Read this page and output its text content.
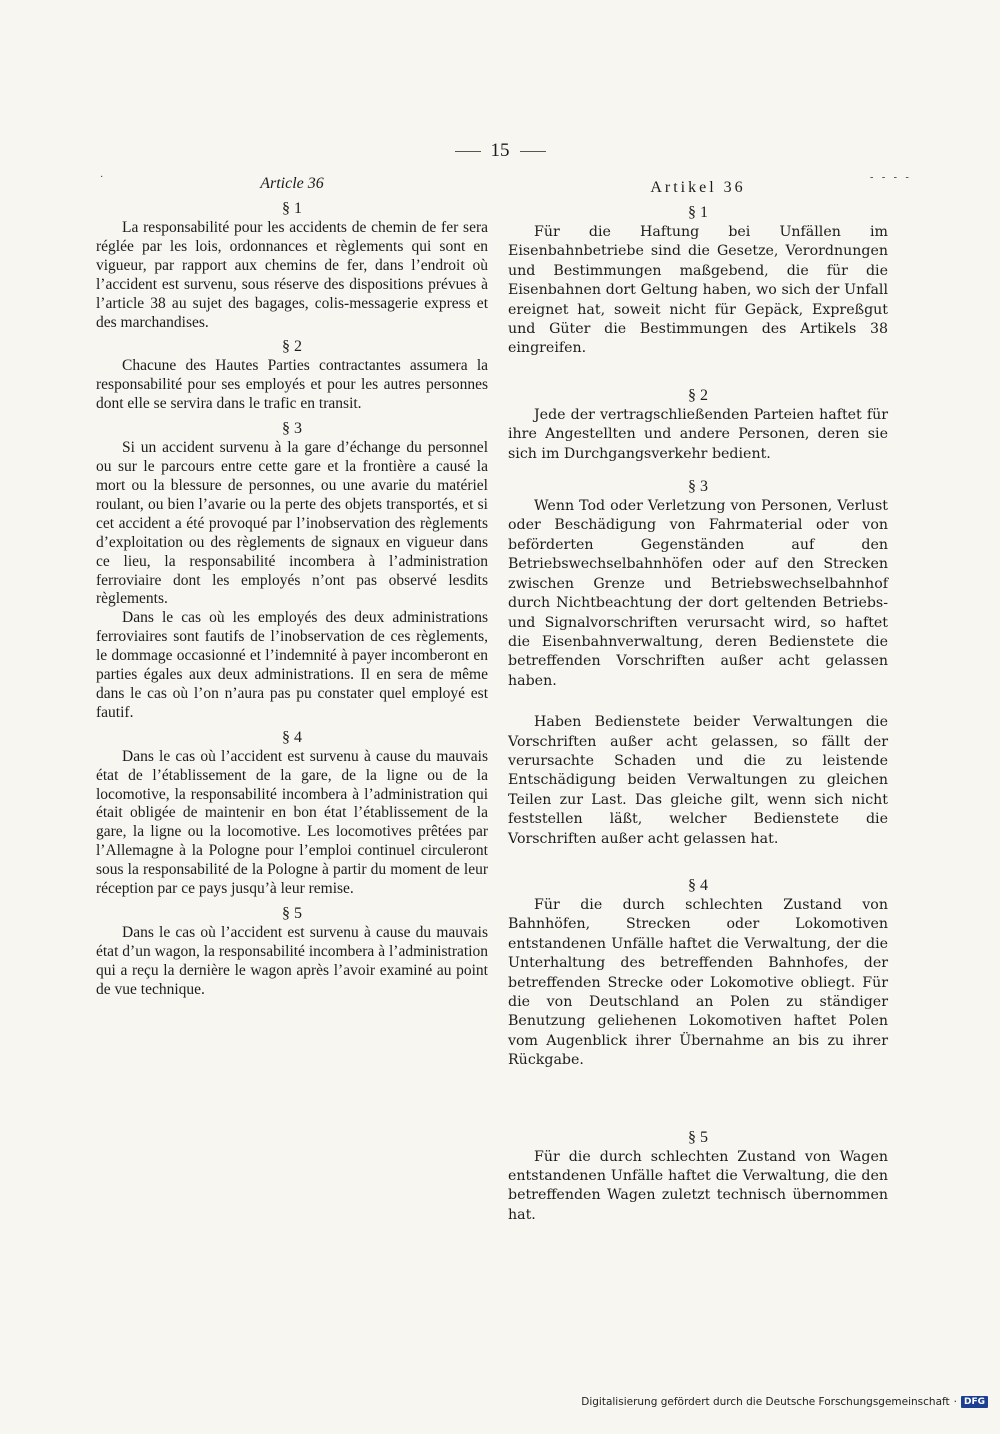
15
·	- - - -
Article 36
§ 1

La responsabilité pour les accidents de chemin de fer sera réglée par les lois, ordonnances et règlements qui sont en vigueur, par rapport aux chemins de fer, dans l’endroit où l’accident est survenu, sous réserve des dispositions prévues à l’article 38 au sujet des bagages, colis-messagerie express et des marchandises.

§ 2

Chacune des Hautes Parties contractantes assumera la responsabilité pour ses employés et pour les autres personnes dont elle se servira dans le trafic en transit.

§ 3

Si un accident survenu à la gare d’échange du personnel ou sur le parcours entre cette gare et la frontière a causé la mort ou la blessure de personnes, ou une avarie du matériel roulant, ou bien l’avarie ou la perte des objets transportés, et si cet accident a été provoqué par l’inobservation des règlements d’exploitation ou des règlements de signaux en vigueur dans ce lieu, la responsabilité incombera à l’administration ferroviaire dont les employés n’ont pas observé lesdits règlements.

Dans le cas où les employés des deux administrations ferroviaires sont fautifs de l’inobservation de ces règlements, le dommage occasionné et l’indemnité à payer incomberont en parties égales aux deux administrations. Il en sera de même dans le cas où l’on n’aura pas pu constater quel employé est fautif.

§ 4

Dans le cas où l’accident est survenu à cause du mauvais état de l’établissement de la gare, de la ligne ou de la locomotive, la responsabilité incombera à l’administration qui était obligée de maintenir en bon état l’établissement de la gare, la ligne ou la locomotive. Les locomotives prêtées par l’Allemagne à la Pologne pour l’emploi continuel circuleront sous la responsabilité de la Pologne à partir du moment de leur réception par ce pays jusqu’à leur remise.

§ 5

Dans le cas où l’accident est survenu à cause du mauvais état d’un wagon, la responsabilité incombera à l’administration qui a reçu la dernière le wagon après l’avoir examiné au point de vue technique.

Artikel 36
§ 1

Für die Haftung bei Unfällen im Eisenbahnbetriebe sind die Gesetze, Verordnungen und Bestimmungen maßgebend, die für die Eisenbahnen dort Geltung haben, wo sich der Unfall ereignet hat, soweit nicht für Gepäck, Expreßgut und Güter die Bestimmungen des Artikels 38 eingreifen.

§ 2

Jede der vertragschließenden Parteien haftet für ihre Angestellten und andere Personen, deren sie sich im Durchgangsverkehr bedient.

§ 3

Wenn Tod oder Verletzung von Personen, Verlust oder Beschädigung von Fahrmaterial oder von beförderten Gegenständen auf den Betriebswechselbahnhöfen oder auf den Strecken zwischen Grenze und Betriebswechselbahnhof durch Nichtbeachtung der dort geltenden Betriebs- und Signalvorschriften verursacht wird, so haftet die Eisenbahnverwaltung, deren Bedienstete die betreffenden Vorschriften außer acht gelassen haben.

Haben Bedienstete beider Verwaltungen die Vorschriften außer acht gelassen, so fällt der verursachte Schaden und die zu leistende Entschädigung beiden Verwaltungen zu gleichen Teilen zur Last. Das gleiche gilt, wenn sich nicht feststellen läßt, welcher Bedienstete die Vorschriften außer acht gelassen hat.

§ 4

Für die durch schlechten Zustand von Bahnhöfen, Strecken oder Lokomotiven entstandenen Unfälle haftet die Verwaltung, der die Unterhaltung des betreffenden Bahnhofes, der betreffenden Strecke oder Lokomotive obliegt. Für die von Deutschland an Polen zu ständiger Benutzung geliehenen Lokomotiven haftet Polen vom Augenblick ihrer Übernahme an bis zu ihrer Rückgabe.

§ 5

Für die durch schlechten Zustand von Wagen entstandenen Unfälle haftet die Verwaltung, die den betreffenden Wagen zuletzt technisch übernommen hat.

Digitalisierung gefördert durch die Deutsche Forschungsgemeinschaft · DFG
